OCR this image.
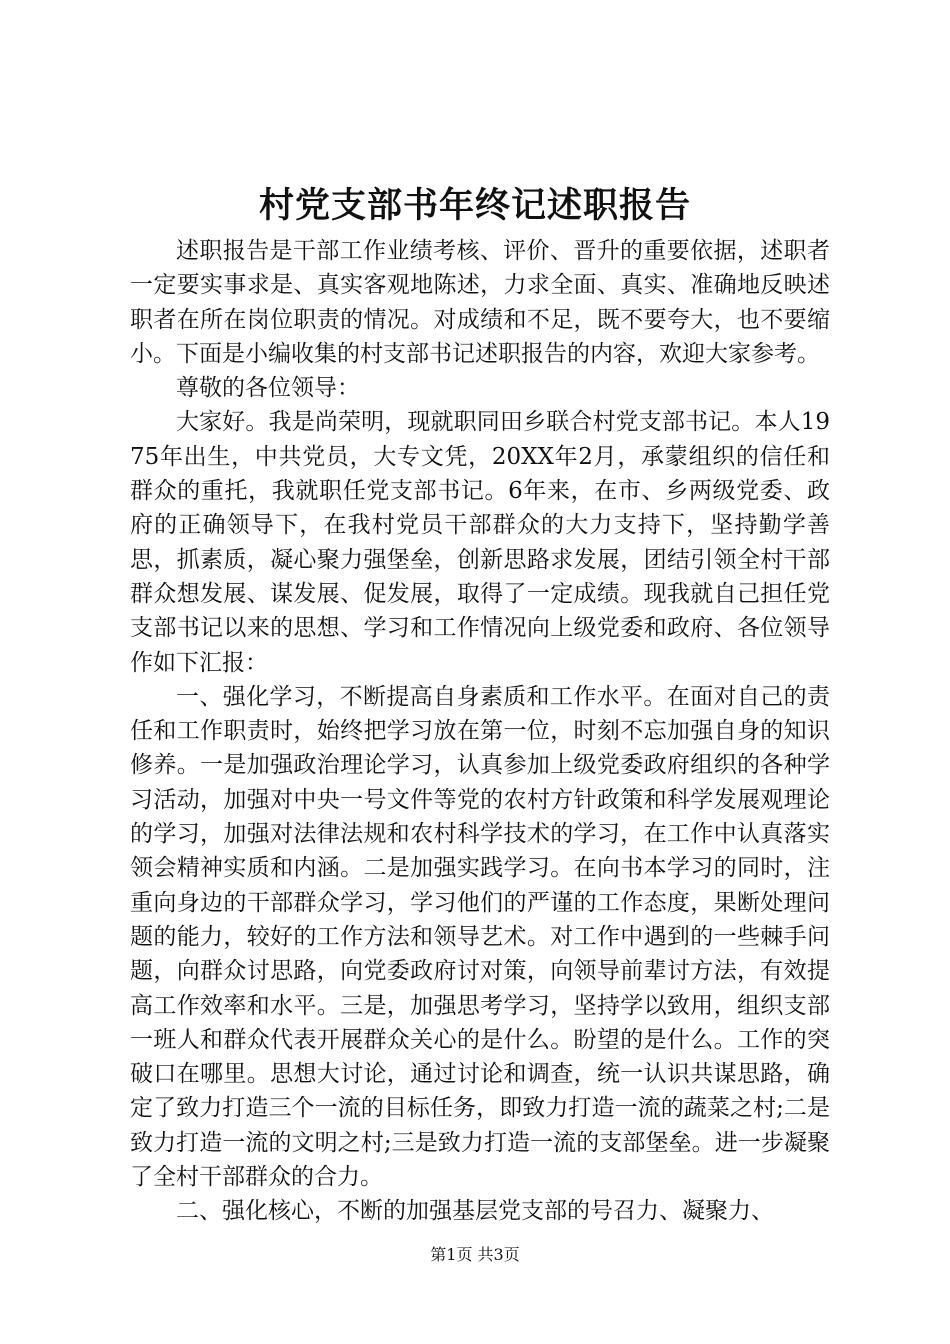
村党支部书年终记述职报告

述职报告是干部工作业绩考核、评价、晋升的重要依据，述职者一定要实事求是、真实客观地陈述，力求全面、真实、准确地反映述职者在所在岗位职责的情况。对成绩和不足，既不要夸大，也不要缩小。下面是小编收集的村支部书记述职报告的内容，欢迎大家参考。

尊敬的各位领导：

大家好。我是尚荣明，现就职同田乡联合村党支部书记。本人1975年出生，中共党员，大专文凭，20XX年2月，承蒙组织的信任和群众的重托，我就职任党支部书记。6年来，在市、乡两级党委、政府的正确领导下，在我村党员干部群众的大力支持下，坚持勤学善思，抓素质，凝心聚力强堡垒，创新思路求发展，团结引领全村干部群众想发展、谋发展、促发展，取得了一定成绩。现我就自己担任党支部书记以来的思想、学习和工作情况向上级党委和政府、各位领导作如下汇报：

一、强化学习，不断提高自身素质和工作水平。在面对自己的责任和工作职责时，始终把学习放在第一位，时刻不忘加强自身的知识修养。一是加强政治理论学习，认真参加上级党委政府组织的各种学习活动，加强对中央一号文件等党的农村方针政策和科学发展观理论的学习，加强对法律法规和农村科学技术的学习，在工作中认真落实领会精神实质和内涵。二是加强实践学习。在向书本学习的同时，注重向身边的干部群众学习，学习他们的严谨的工作态度，果断处理问题的能力，较好的工作方法和领导艺术。对工作中遇到的一些棘手问题，向群众讨思路，向党委政府讨对策，向领导前辈讨方法，有效提高工作效率和水平。三是，加强思考学习，坚持学以致用，组织支部一班人和群众代表开展群众关心的是什么。盼望的是什么。工作的突破口在哪里。思想大讨论，通过讨论和调查，统一认识共谋思路，确定了致力打造三个一流的目标任务，即致力打造一流的蔬菜之村;二是致力打造一流的文明之村;三是致力打造一流的支部堡垒。进一步凝聚了全村干部群众的合力。

二、强化核心，不断的加强基层党支部的号召力、凝聚力、

第1页 共3页
